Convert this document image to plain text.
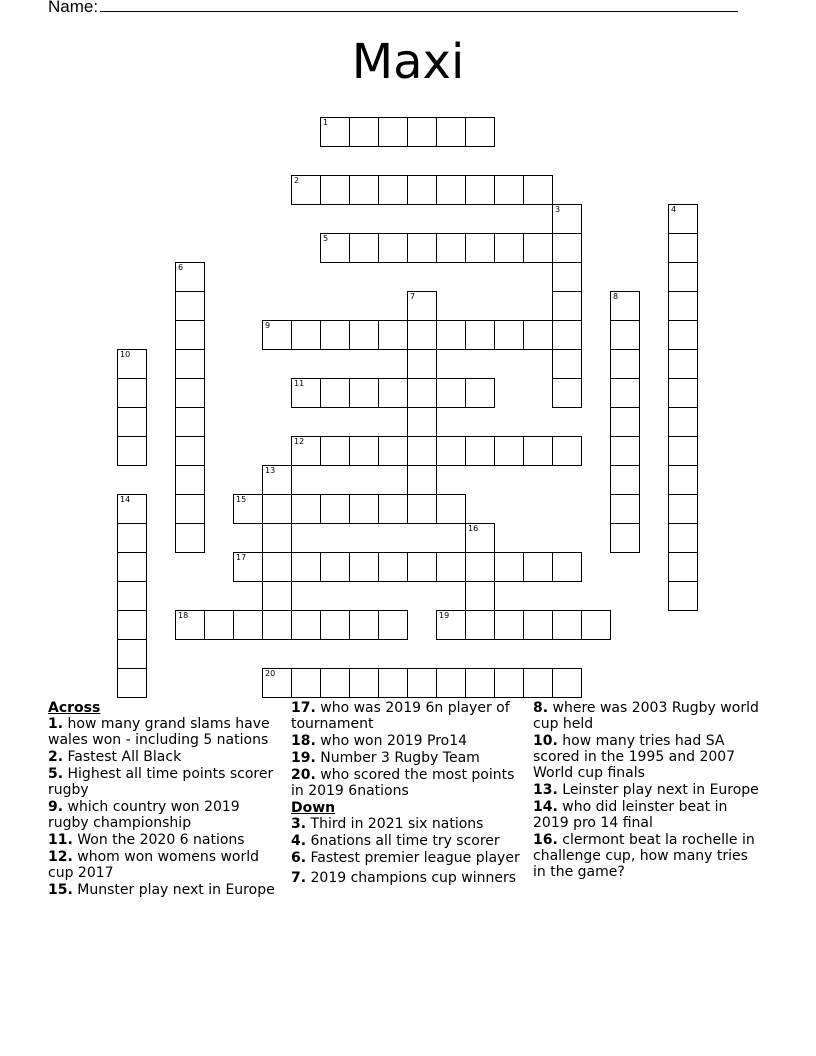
Name:
Maxi
1
2
3	4
5
6
7	8
9
10
11
12
13
14	15
16
17
18	19
20
Across
1. how many grand slams have wales won - including 5 nations
2. Fastest All Black
5. Highest all time points scorer rugby
9. which country won 2019 rugby championship
11. Won the 2020 6 nations
12. whom won womens world cup 2017
15. Munster play next in Europe
17. who was 2019 6n player of tournament
18. who won 2019 Pro14
19. Number 3 Rugby Team
20. who scored the most points in 2019 6nations
Down
3. Third in 2021 six nations
4. 6nations all time try scorer
6. Fastest premier league player
7. 2019 champions cup winners
8. where was 2003 Rugby world cup held
10. how many tries had SA scored in the 1995 and 2007 World cup finals
13. Leinster play next in Europe
14. who did leinster beat in 2019 pro 14 final
16. clermont beat la rochelle in challenge cup, how many tries in the game?
